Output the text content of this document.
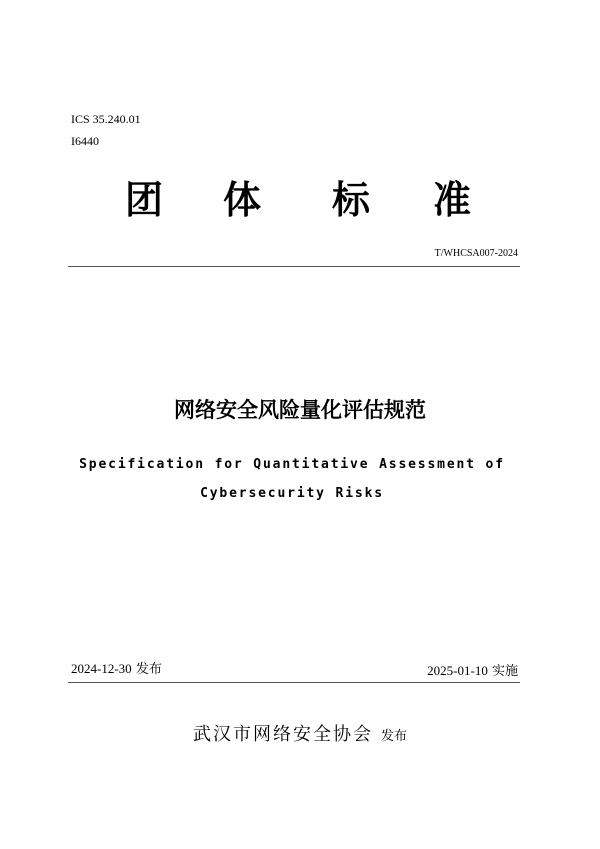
ICS 35.240.01
I6440
团 体 标 准
T/WHCSA007-2024
网络安全风险量化评估规范
Specification for Quantitative Assessment of
Cybersecurity Risks
2024-12-30 发布	2025-01-10 实施
武汉市网络安全协会 发布
